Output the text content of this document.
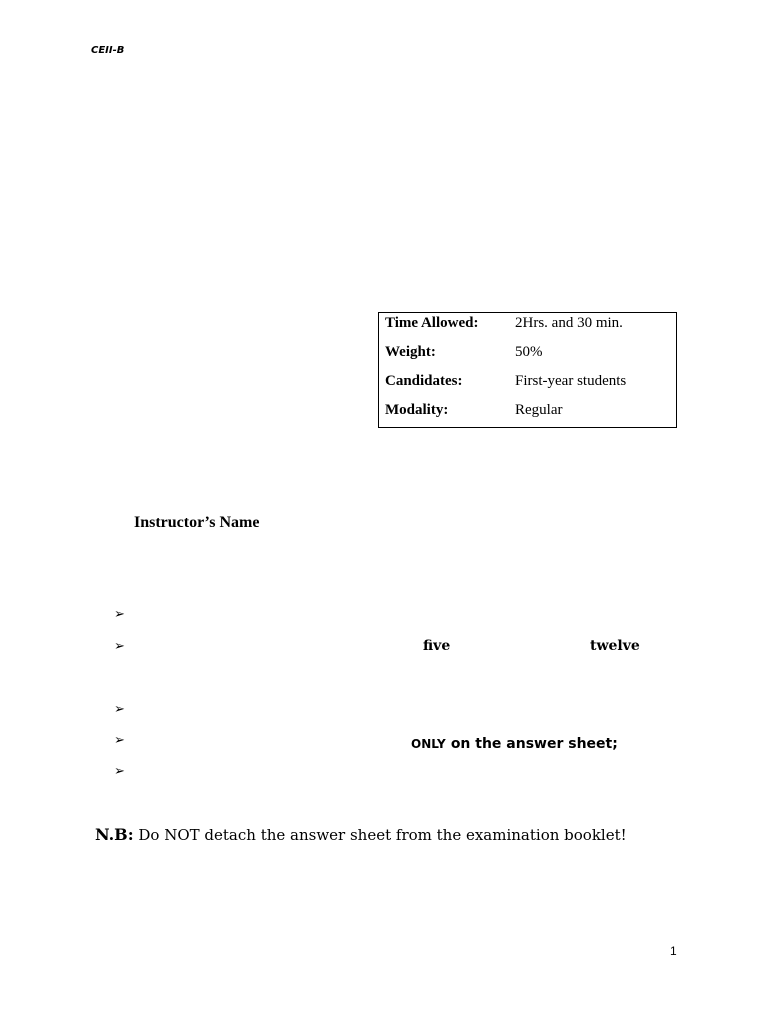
CEII-B
Time Allowed:	2Hrs. and 30 min.
Weight:	50%
Candidates:	First-year students
Modality:	Regular
Instructor’s Name
➢
➢	five	twelve
➢
➢	ONLY on the answer sheet;
➢
N.B: Do NOT detach the answer sheet from the examination booklet!
1
